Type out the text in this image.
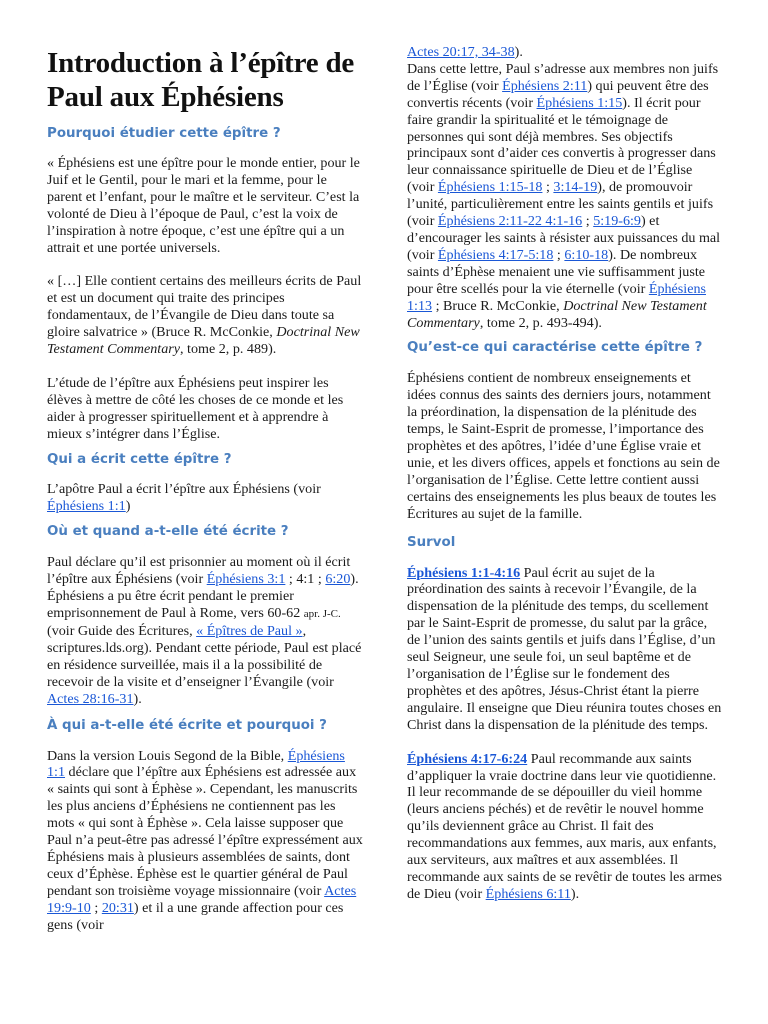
Introduction à l’épître de Paul aux Éphésiens
Pourquoi étudier cette épître ?

« Éphésiens est une épître pour le monde entier, pour le Juif et le Gentil, pour le mari et la femme, pour le parent et l’enfant, pour le maître et le serviteur. C’est la volonté de Dieu à l’époque de Paul, c’est la voix de l’inspiration à notre époque, c’est une épître qui a un attrait et une portée universels.

« […] Elle contient certains des meilleurs écrits de Paul et est un document qui traite des principes fondamentaux, de l’Évangile de Dieu dans toute sa gloire salvatrice » (Bruce R. McConkie, Doctrinal New Testament Commentary, tome 2, p. 489).

L’étude de l’épître aux Éphésiens peut inspirer les élèves à mettre de côté les choses de ce monde et les aider à progresser spirituellement et à apprendre à mieux s’intégrer dans l’Église.

Qui a écrit cette épître ?

L’apôtre Paul a écrit l’épître aux Éphésiens (voir Éphésiens 1:1)

Où et quand a-t-elle été écrite ?

Paul déclare qu’il est prisonnier au moment où il écrit l’épître aux Éphésiens (voir Éphésiens 3:1 ; 4:1 ; 6:20). Éphésiens a pu être écrit pendant le premier emprisonnement de Paul à Rome, vers 60-62 apr. J-C. (voir Guide des Écritures, « Épîtres de Paul », scriptures.lds.org). Pendant cette période, Paul est placé en résidence surveillée, mais il a la possibilité de recevoir de la visite et d’enseigner l’Évangile (voir Actes 28:16-31).

À qui a-t-elle été écrite et pourquoi ?

Dans la version Louis Segond de la Bible, Éphésiens 1:1 déclare que l’épître aux Éphésiens est adressée aux « saints qui sont à Éphèse ». Cependant, les manuscrits les plus anciens d’Éphésiens ne contiennent pas les mots « qui sont à Éphèse ». Cela laisse supposer que Paul n’a peut-être pas adressé l’épître expressément aux Éphésiens mais à plusieurs assemblées de saints, dont ceux d’Éphèse. Éphèse est le quartier général de Paul pendant son troisième voyage missionnaire (voir Actes 19:9-10 ; 20:31) et il a une grande affection pour ces gens (voir

Actes 20:17, 34-38).

Dans cette lettre, Paul s’adresse aux membres non juifs de l’Église (voir Éphésiens 2:11) qui peuvent être des convertis récents (voir Éphésiens 1:15). Il écrit pour faire grandir la spiritualité et le témoignage de personnes qui sont déjà membres. Ses objectifs principaux sont d’aider ces convertis à progresser dans leur connaissance spirituelle de Dieu et de l’Église (voir Éphésiens 1:15-18 ; 3:14-19), de promouvoir l’unité, particulièrement entre les saints gentils et juifs (voir Éphésiens 2:11-22 4:1-16 ; 5:19-6:9) et d’encourager les saints à résister aux puissances du mal (voir Éphésiens 4:17-5:18 ; 6:10-18). De nombreux saints d’Éphèse menaient une vie suffisamment juste pour être scellés pour la vie éternelle (voir Éphésiens 1:13 ; Bruce R. McConkie, Doctrinal New Testament Commentary, tome 2, p. 493-494).

Qu’est-ce qui caractérise cette épître ?

Éphésiens contient de nombreux enseignements et idées connus des saints des derniers jours, notamment la préordination, la dispensation de la plénitude des temps, le Saint-Esprit de promesse, l’importance des prophètes et des apôtres, l’idée d’une Église vraie et unie, et les divers offices, appels et fonctions au sein de l’organisation de l’Église. Cette lettre contient aussi certains des enseignements les plus beaux de toutes les Écritures au sujet de la famille.

Survol

Éphésiens 1:1-4:16 Paul écrit au sujet de la préordination des saints à recevoir l’Évangile, de la dispensation de la plénitude des temps, du scellement par le Saint-Esprit de promesse, du salut par la grâce, de l’union des saints gentils et juifs dans l’Église, d’un seul Seigneur, une seule foi, un seul baptême et de l’organisation de l’Église sur le fondement des prophètes et des apôtres, Jésus-Christ étant la pierre angulaire. Il enseigne que Dieu réunira toutes choses en Christ dans la dispensation de la plénitude des temps.

Éphésiens 4:17-6:24 Paul recommande aux saints d’appliquer la vraie doctrine dans leur vie quotidienne. Il leur recommande de se dépouiller du vieil homme (leurs anciens péchés) et de revêtir le nouvel homme qu’ils deviennent grâce au Christ. Il fait des recommandations aux femmes, aux maris, aux enfants, aux serviteurs, aux maîtres et aux assemblées. Il recommande aux saints de se revêtir de toutes les armes de Dieu (voir Éphésiens 6:11).
